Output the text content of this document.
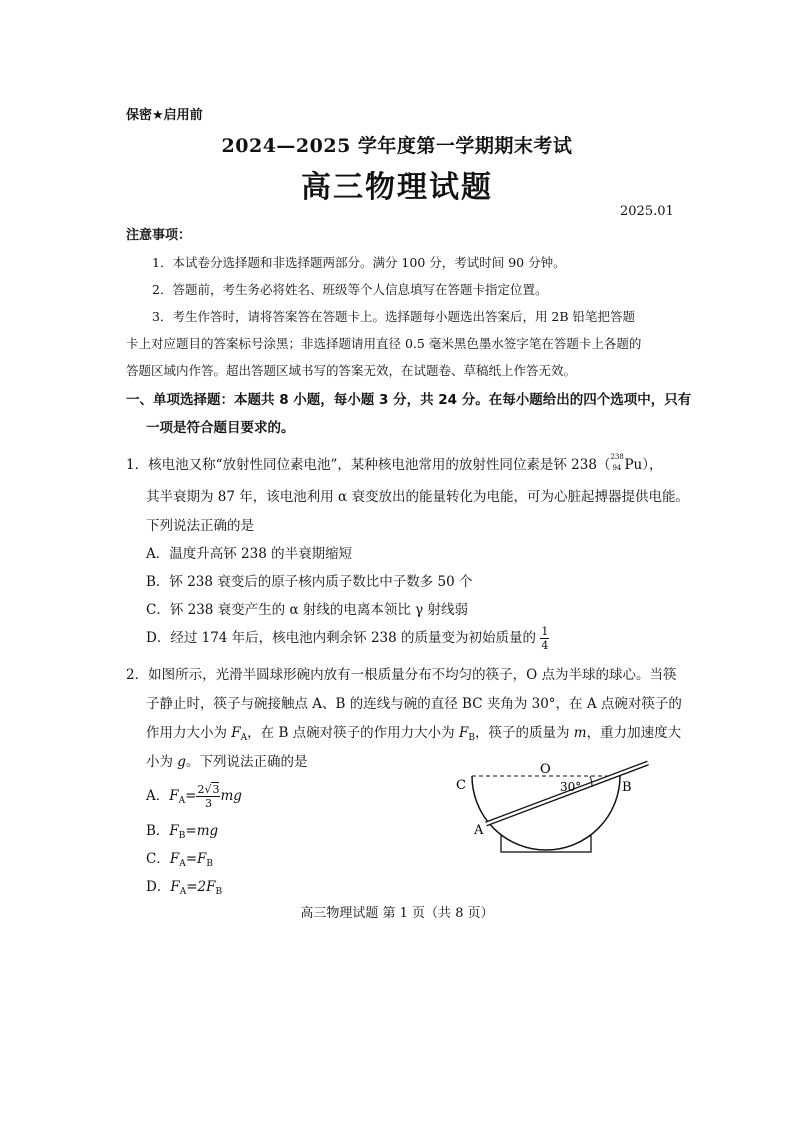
保密★启用前
2024—2025 学年度第一学期期末考试
高三物理试题
2025.01
注意事项：
1．本试卷分选择题和非选择题两部分。满分 100 分，考试时间 90 分钟。
2．答题前，考生务必将姓名、班级等个人信息填写在答题卡指定位置。
3．考生作答时，请将答案答在答题卡上。选择题每小题选出答案后，用 2B 铅笔把答题
卡上对应题目的答案标号涂黑；非选择题请用直径 0.5 毫米黑色墨水签字笔在答题卡上各题的
答题区域内作答。超出答题区域书写的答案无效，在试题卷、草稿纸上作答无效。
一、单项选择题：本题共 8 小题，每小题 3 分，共 24 分。在每小题给出的四个选项中，只有
一项是符合题目要求的。
1．核电池又称“放射性同位素电池”，某种核电池常用的放射性同位素是钚 238（ 238
94 Pu），
其半衰期为 87 年，该电池利用 α 衰变放出的能量转化为电能，可为心脏起搏器提供电能。
下列说法正确的是
A．温度升高钚 238 的半衰期缩短
B．钚 238 衰变后的原子核内质子数比中子数多 50 个
C．钚 238 衰变产生的 α 射线的电离本领比 γ 射线弱
D．经过 174 年后，核电池内剩余钚 238 的质量变为初始质量的 $\frac{1}{4}$
2．如图所示，光滑半圆球形碗内放有一根质量分布不均匀的筷子，O 点为半球的球心。当筷
子静止时，筷子与碗接触点 A、B 的连线与碗的直径 BC 夹角为 30°，在 A 点碗对筷子的
作用力大小为 $F_A$，在 B 点碗对筷子的作用力大小为 $F_B$，筷子的质量为 m，重力加速度大
小为 g。下列说法正确的是
A．$F_A= \frac{2√3}{3}$ mg
B．$F_B=mg$
C．$F_A=F_B$
D．$F_A=2F_B$
C
O
30°	B
A
高三物理试题 第 1 页（共 8 页）
